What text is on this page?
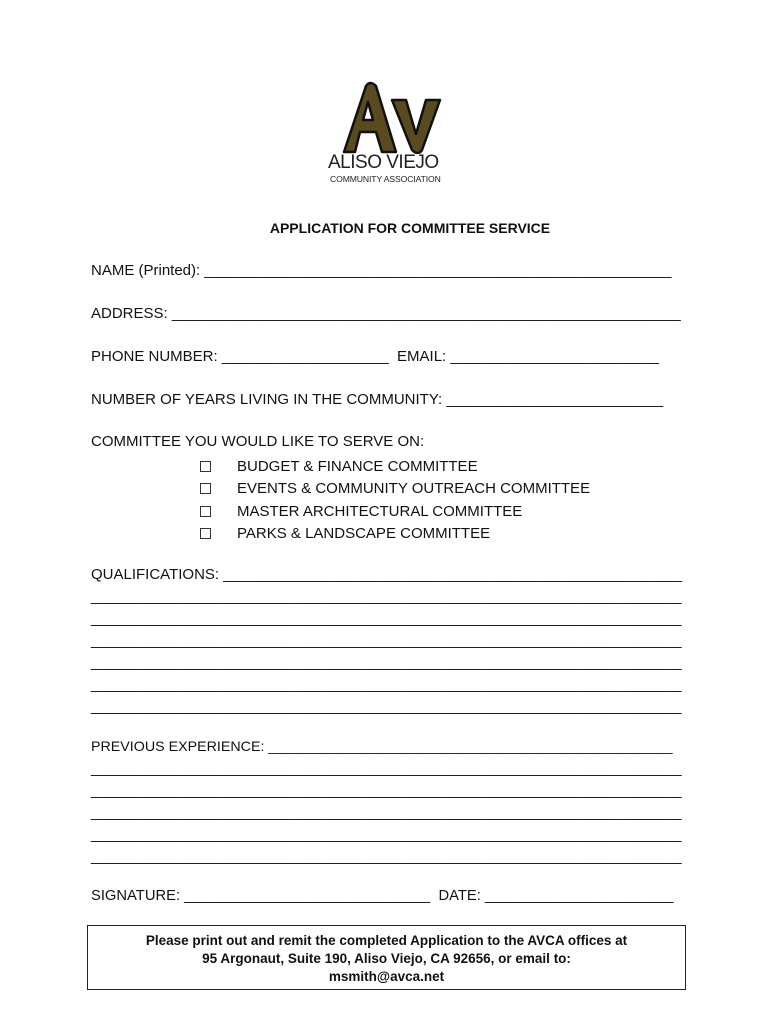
ALISO VIEJO
COMMUNITY ASSOCIATION
APPLICATION FOR COMMITTEE SERVICE
NAME (Printed): ________________________________________________________
ADDRESS: _____________________________________________________________
PHONE NUMBER: ____________________  EMAIL: _________________________
NUMBER OF YEARS LIVING IN THE COMMUNITY: __________________________
COMMITTEE YOU WOULD LIKE TO SERVE ON:
BUDGET & FINANCE COMMITTEE
EVENTS & COMMUNITY OUTREACH COMMITTEE
MASTER ARCHITECTURAL COMMITTEE
PARKS & LANDSCAPE COMMITTEE
QUALIFICATIONS: _______________________________________________________
________________________________________________________________________
________________________________________________________________________
________________________________________________________________________
________________________________________________________________________
________________________________________________________________________
________________________________________________________________________
PREVIOUS EXPERIENCE: ___________________________________________________
________________________________________________________________________
________________________________________________________________________
________________________________________________________________________
________________________________________________________________________
________________________________________________________________________
SIGNATURE: ______________________________  DATE: _______________________
Please print out and remit the completed Application to the AVCA offices at
95 Argonaut, Suite 190, Aliso Viejo, CA 92656, or email to:
msmith@avca.net
